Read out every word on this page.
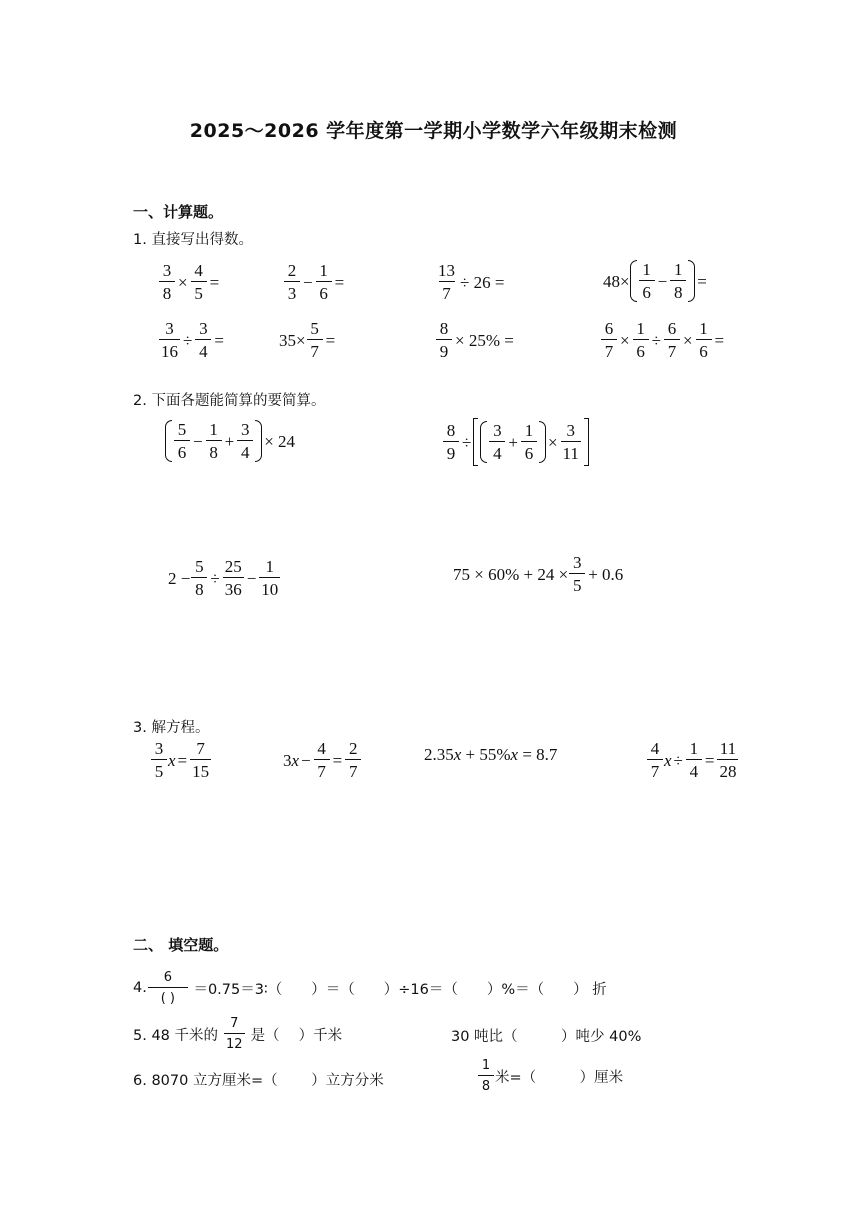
2025～2026 学年度第一学期小学数学六年级期末检测
一、计算题。
1. 直接写出得数。
$\frac{3}{8} \times \frac{4}{5}$ =	$\frac{2}{3} - \frac{1}{6}$ =	$\frac{13}{7} \div 26$ =	$48\times \frac{1}{6} - \frac{1}{8}$ =
$\frac{3}{16} \div \frac{3}{4}$ =	$35\times \frac{5}{7}$ =	$\frac{8}{9} \times 25\%$ =	$\frac{6}{7} \times \frac{1}{6} \div \frac{6}{7} \times \frac{1}{6}$ =
2. 下面各题能简算的要简算。
$\frac{5}{6} - \frac{1}{8} + \frac{3}{4} \times 24$	$\frac{8}{9} \div \frac{3}{4} + \frac{1}{6} \times \frac{3}{11}$
$2 - \frac{5}{8} \div \frac{25}{36} - \frac{1}{10}$	$75 \times 60\% + 24 \times \frac{3}{5} + 0.6$
3. 解方程。
$\frac{3}{5}$ $x = \frac{7}{15}$	3 $x - \frac{4}{7} = \frac{2}{7}$	2.35 x + 55% x = 8.7	$\frac{4}{7}$ $x \div \frac{1}{4} = \frac{11}{28}$
二、 填空题。
4. $\frac{6}{( )}$ ＝0.75＝3∶（　　）＝（　　）÷16＝（　　）%＝（　　） 折
5. 48 千米的 $\frac{7}{12}$ 是（　 ）千米	30 吨比（　　　）吨少 40%
6. 8070 立方厘米=（　　 ）立方分米	$\frac{1}{8}$ 米=（　　　）厘米
